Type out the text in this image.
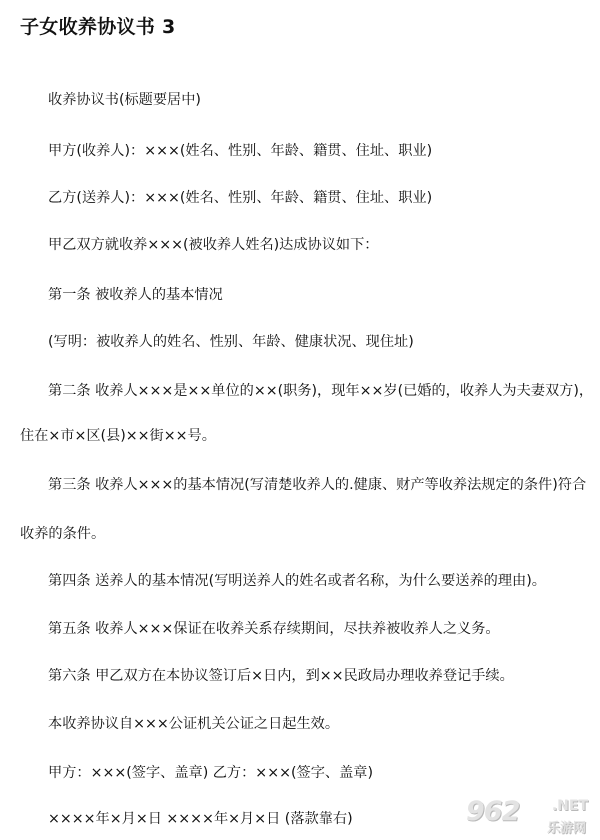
子女收养协议书 3

收养协议书(标题要居中)

甲方(收养人)：×××(姓名、性别、年龄、籍贯、住址、职业)

乙方(送养人)：×××(姓名、性别、年龄、籍贯、住址、职业)

甲乙双方就收养×××(被收养人姓名)达成协议如下：

第一条 被收养人的基本情况

(写明：被收养人的姓名、性别、年龄、健康状况、现住址)

第二条 收养人×××是××单位的××(职务)，现年××岁(已婚的，收养人为夫妻双方)，

住在×市×区(县)××街××号。

第三条 收养人×××的基本情况(写清楚收养人的.健康、财产等收养法规定的条件)符合

收养的条件。

第四条 送养人的基本情况(写明送养人的姓名或者名称，为什么要送养的理由)。

第五条 收养人×××保证在收养关系存续期间，尽扶养被收养人之义务。

第六条 甲乙双方在本协议签订后×日内，到××民政局办理收养登记手续。

本收养协议自×××公证机关公证之日起生效。

甲方：×××(签字、盖章) 乙方：×××(签字、盖章)

××××年×月×日 ××××年×月×日 (落款靠右)	962 .NET
乐游网
